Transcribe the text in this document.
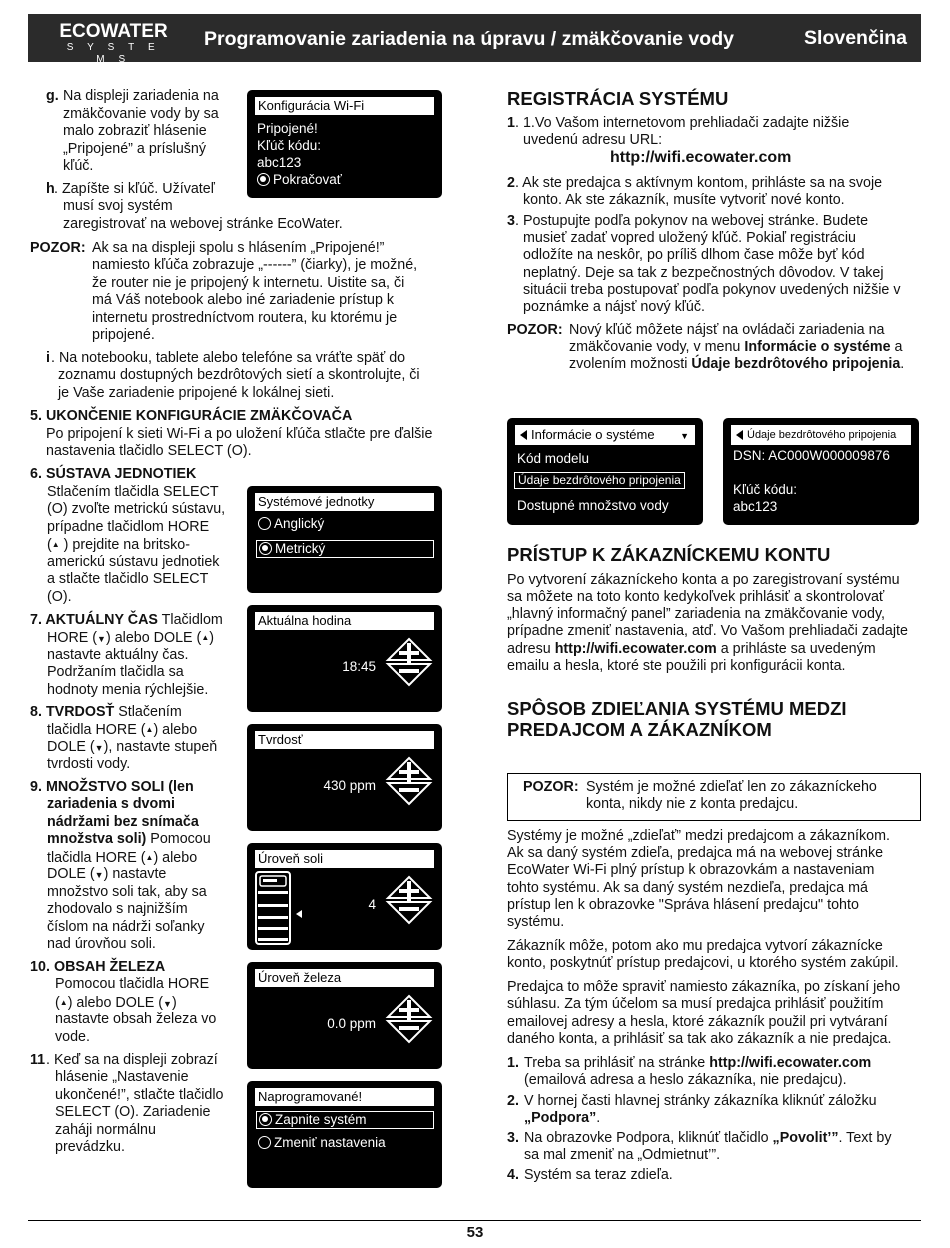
ECOWATER
S Y S T E M S
Programovanie zariadenia na úpravu / zmäkčovanie vody	Slovenčina
g. Na displeji zariadenia na
zmäkčovanie vody by sa
malo zobraziť hlásenie
„Pripojené” a príslušný
kľúč.
h . Zapíšte si kľúč. Užívateľ
musí svoj systém
zaregistrovať na webovej stránke EcoWater.
POZOR: Ak sa na displeji spolu s hlásením „Pripojené!”
namiesto kľúča zobrazuje „------” (čiarky), je možné,
že router nie je pripojený k internetu. Uistite sa, či
má Váš notebook alebo iné zariadenie prístup k
internetu prostredníctvom routera, ku ktorému je
pripojené.
i . Na notebooku, tablete alebo telefóne sa vráťte späť do
zoznamu dostupných bezdrôtových sietí a skontrolujte, či
je Vaše zariadenie pripojené k lokálnej sieti.
5 . UKONČENIE KONFIGURÁCIE ZMÄKČOVAČA
Po pripojení k sieti Wi-Fi a po uložení kľúča stlačte pre ďalšie
nastavenia tlačidlo SELECT (O).
6 . SÚSTAVA JEDNOTIEK
Stlačením tlačidla SELECT
(O) zvoľte metrickú sústavu,
prípadne tlačidlom HORE
( ▲ ) prejdite na britsko-
americkú sústavu jednotiek
a stlačte tlačidlo SELECT
(O).
7 . AKTUÁLNY ČAS Tlačidlom
HORE (▼) alebo DOLE ( ▲ )
nastavte aktuálny čas.
Podržaním tlačidla sa
hodnoty menia rýchlejšie.
8 . TVRDOSŤ Stlačením
tlačidla HORE ( ▲ ) alebo
DOLE (▼), nastavte stupeň
tvrdosti vody.
9 . MNOŽSTVO SOLI (len
zariadenia s dvomi
nádržami bez snímača
množstva soli) Pomocou
tlačidla HORE ( ▲ ) alebo
DOLE (▼) nastavte
množstvo soli tak, aby sa
zhodovalo s najnižším
číslom na nádrži soľanky
nad úrovňou soli.
10 . OBSAH ŽELEZA
Pomocou tlačidla HORE
( ▲ ) alebo DOLE (▼)
nastavte obsah železa vo
vode.
11 . Keď sa na displeji zobrazí
hlásenie „Nastavenie
ukončené!”, stlačte tlačidlo
SELECT (O). Zariadenie
zaháji normálnu
prevádzku.
Konfigurácia Wi-Fi
Pripojené!
Kľúč kódu:
abc123
Pokračovať
Systémové jednotky
Anglický
Metrický
Aktuálna hodina
18:45
Tvrdosť
430 ppm
Úroveň soli
4
Úroveň železa
0.0 ppm
Naprogramované!
Zapnite systém
Zmeniť nastavenia
REGISTRÁCIA SYSTÉMU
1 . 1.Vo Vašom internetovom prehliadači zadajte nižšie
uvedenú adresu URL:
http://wifi.ecowater.com
2 . Ak ste predajca s aktívnym kontom, prihláste sa na svoje
konto. Ak ste zákazník, musíte vytvoriť nové konto.
3 . Postupujte podľa pokynov na webovej stránke. Budete
musieť zadať vopred uložený kľúč. Pokiaľ registráciu
odložíte na neskôr, po príliš dlhom čase môže byť kód
neplatný. Deje sa tak z bezpečnostných dôvodov. V takej
situácii treba postupovať podľa pokynov uvedených nižšie v
poznámke a nájsť nový kľúč.
POZOR: Nový kľúč môžete nájsť na ovládači zariadenia na
zmäkčovanie vody, v menu Informácie o systéme a
zvolením možnosti Údaje bezdrôtového pripojenia.
Informácie o systéme	▼
Kód modelu
Údaje bezdrôtového pripojenia
Dostupné množstvo vody
Údaje bezdrôtového pripojenia
DSN: AC000W000009876
Kľúč kódu:
abc123
PRÍSTUP K ZÁKAZNÍCKEMU KONTU
Po vytvorení zákazníckeho konta a po zaregistrovaní systému
sa môžete na toto konto kedykoľvek prihlásiť a skontrolovať
„hlavný informačný panel” zariadenia na zmäkčovanie vody,
prípadne zmeniť nastavenia, atď. Vo Vašom prehliadači zadajte
adresu http://wifi.ecowater.com a prihláste sa uvedeným
emailu a hesla, ktoré ste použili pri konfigurácii konta.
SPÔSOB ZDIEĽANIA SYSTÉMU MEDZI
PREDAJCOM A ZÁKAZNÍKOM
POZOR: Systém je možné zdieľať len zo zákazníckeho
konta, nikdy nie z konta predajcu.
Systémy je možné „zdieľať” medzi predajcom a zákazníkom.
Ak sa daný systém zdieľa, predajca má na webovej stránke
EcoWater Wi-Fi plný prístup k obrazovkám a nastaveniam
tohto systému. Ak sa daný systém nezdieľa, predajca má
prístup len k obrazovke "Správa hlásení predajcu" tohto
systému.
Zákazník môže, potom ako mu predajca vytvorí zákaznícke
konto, poskytnúť prístup predajcovi, u ktorého systém zakúpil.
Predajca to môže spraviť namiesto zákazníka, po získaní jeho
súhlasu. Za tým účelom sa musí predajca prihlásiť použitím
emailovej adresy a hesla, ktoré zákazník použil pri vytváraní
daného konta, a prihlásiť sa tak ako zákazník a nie predajca.
1. Treba sa prihlásiť na stránke http://wifi.ecowater.com
(emailová adresa a heslo zákazníka, nie predajcu).
2. V hornej časti hlavnej stránky zákazníka kliknúť záložku
„Podpora”.
3. Na obrazovke Podpora, kliknúť tlačidlo „Povolit’”. Text by
sa mal zmeniť na „Odmietnut’”.
4. Systém sa teraz zdieľa.
53
